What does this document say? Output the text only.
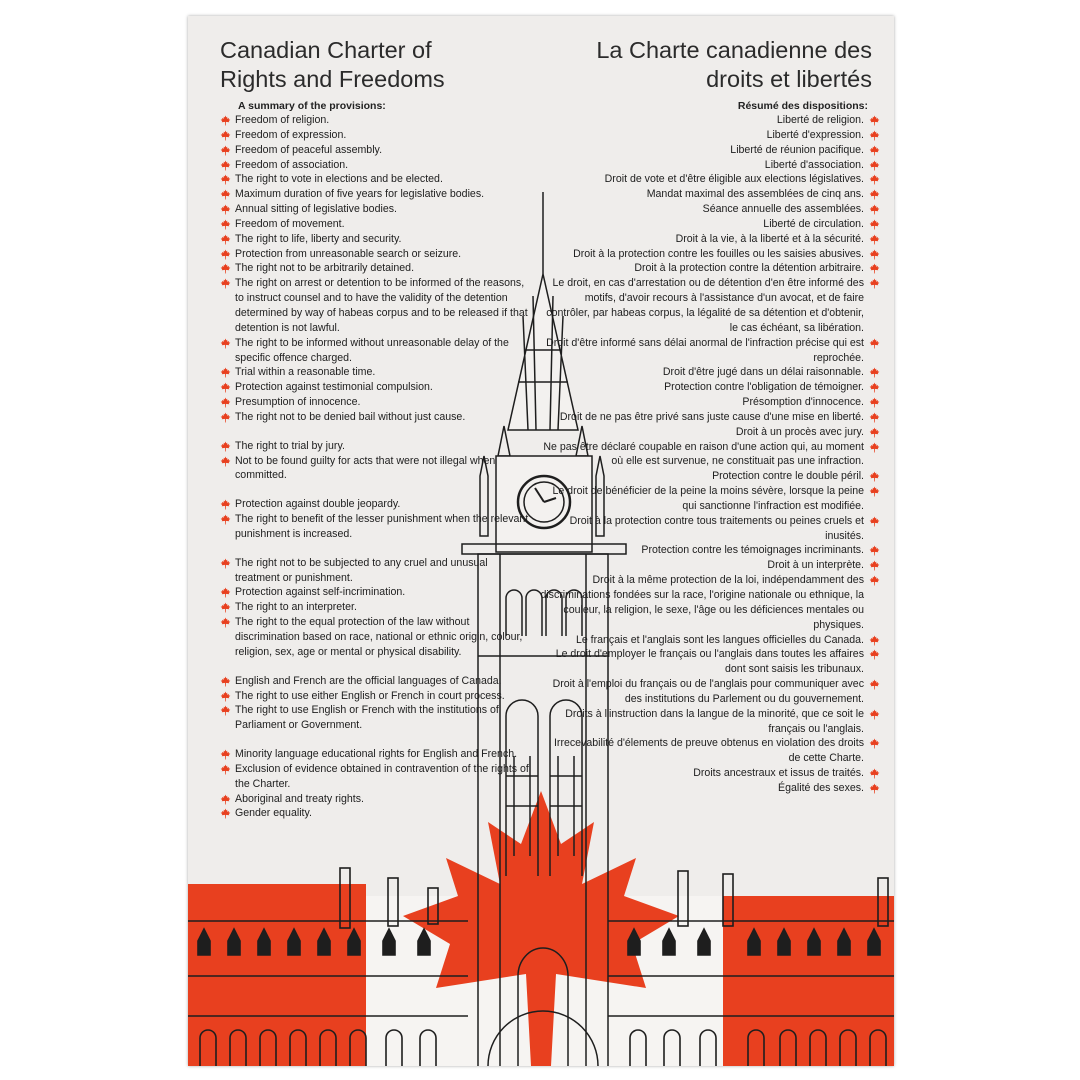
Canadian Charter of
Rights and Freedoms
A summary of the provisions:
Freedom of religion.
Freedom of expression.
Freedom of peaceful assembly.
Freedom of association.
The right to vote in elections and be elected.
Maximum duration of five years for legislative bodies.
Annual sitting of legislative bodies.
Freedom of movement.
The right to life, liberty and security.
Protection from unreasonable search or seizure.
The right not to be arbitrarily detained.
The right on arrest or detention to be informed of the reasons, to instruct counsel and to have the validity of the detention determined by way of habeas corpus and to be released if that detention is not lawful.
The right to be informed without unreasonable delay of the specific offence charged.
Trial within a reasonable time.
Protection against testimonial compulsion.
Presumption of innocence.
The right not to be denied bail without just cause.
The right to trial by jury.
Not to be found guilty for acts that were not illegal when committed.
Protection against double jeopardy.
The right to benefit of the lesser punishment when the relevant punishment is increased.
The right not to be subjected to any cruel and unusual treatment or punishment.
Protection against self-incrimination.
The right to an interpreter.
The right to the equal protection of the law without discrimination based on race, national or ethnic origin, colour, religion, sex, age or mental or physical disability.
English and French are the official languages of Canada.
The right to use either English or French in court process.
The right to use English or French with the institutions of Parliament or Government.
Minority language educational rights for English and French.
Exclusion of evidence obtained in contravention of the rights of the Charter.
Aboriginal and treaty rights.
Gender equality.
La Charte canadienne des
droits et libertés
Résumé des dispositions:
Liberté de religion.
Liberté d'expression.
Liberté de réunion pacifique.
Liberté d'association.
Droit de vote et d'être éligible aux elections législatives.
Mandat maximal des assemblées de cinq ans.
Séance annuelle des assemblées.
Liberté de circulation.
Droit à la vie, à la liberté et à la sécurité.
Droit à la protection contre les fouilles ou les saisies abusives.
Droit à la protection contre la détention arbitraire.
Le droit, en cas d'arrestation ou de détention d'en être informé des motifs, d'avoir recours à l'assistance d'un avocat, et de faire contrôler, par habeas corpus, la légalité de sa détention et d'obtenir, le cas échéant, sa libération.
Droit d'être informé sans délai anormal de l'infraction précise qui est reprochée.
Droit d'être jugé dans un délai raisonnable.
Protection contre l'obligation de témoigner.
Présomption d'innocence.
Droit de ne pas être privé sans juste cause d'une mise en liberté.
Droit à un procès avec jury.
Ne pas être déclaré coupable en raison d'une action qui, au moment où elle est survenue, ne constituait pas une infraction.
Protection contre le double péril.
Le droit de bénéficier de la peine la moins sévère, lorsque la peine qui sanctionne l'infraction est modifiée.
Droit à la protection contre tous traitements ou peines cruels et inusités.
Protection contre les témoignages incriminants.
Droit à un interprète.
Droit à la même protection de la loi, indépendamment des discriminations fondées sur la race, l'origine nationale ou ethnique, la couleur, la religion, le sexe, l'âge ou les déficiences mentales ou physiques.
Le français et l'anglais sont les langues officielles du Canada.
Le droit d'employer le français ou l'anglais dans toutes les affaires dont sont saisis les tribunaux.
Droit à l'emploi du français ou de l'anglais pour communiquer avec des institutions du Parlement ou du gouvernement.
Droits à l'instruction dans la langue de la minorité, que ce soit le français ou l'anglais.
Irrecevabilité d'élements de preuve obtenus en violation des droits de cette Charte.
Droits ancestraux et issus de traités.
Égalité des sexes.
